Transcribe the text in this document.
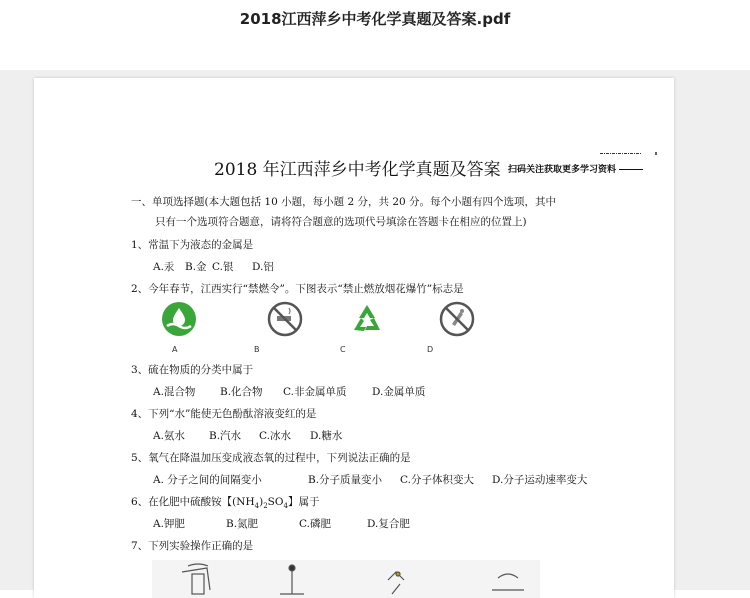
2018江西萍乡中考化学真题及答案.pdf
2018 年江西萍乡中考化学真题及答案 扫码关注获取更多学习资料
一、单项选择题(本大题包括 10 小题，每小题 2 分，共 20 分。每个小题有四个选项，其中
只有一个选项符合题意，请将符合题意的选项代号填涂在答题卡在相应的位置上)
1、常温下为液态的金属是
A.汞 B.金 C.银 D.铝
2、今年春节，江西实行“禁燃令”。下图表示“禁止燃放烟花爆竹”标志是
A	B	C	D
3、硫在物质的分类中属于
A.混合物 B.化合物 C.非金属单质 D.金属单质
4、下列“水”能使无色酚酞溶液变红的是
A.氨水 B.汽水 C.冰水 D.糖水
5、氧气在降温加压变成液态氧的过程中，下列说法正确的是
A. 分子之间的间隔变小	B.分子质量变小 C.分子体积变大 D.分子运动速率变大
6、在化肥中硫酸铵【$(NH_4)_2SO_4$】属于
A.钾肥	B.氮肥	C.磷肥	D.复合肥
7、下列实验操作正确的是
